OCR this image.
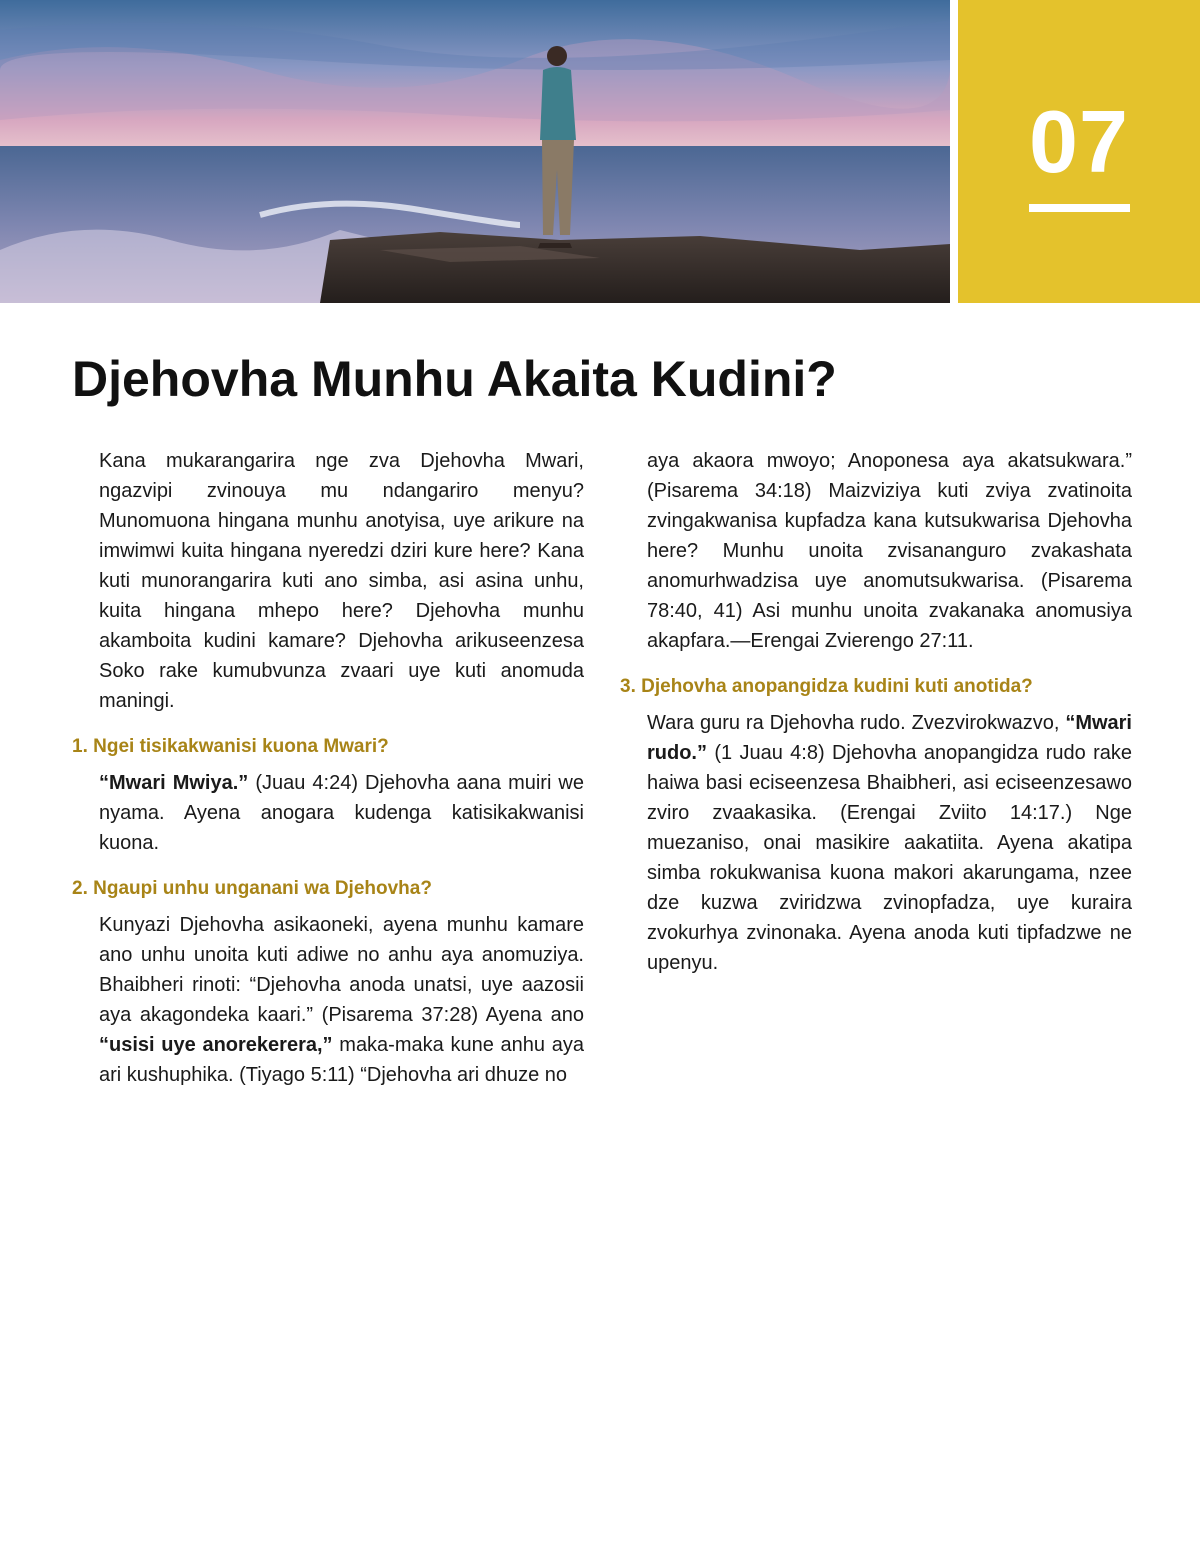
07
Djehovha Munhu Akaita Kudini?

Kana mukarangarira nge zva Djehovha Mwari, ngazvipi zvinouya mu ndangariro menyu? Munomuona hingana munhu anotyisa, uye arikure na imwimwi kuita hingana nyeredzi dziri kure here? Kana kuti munorangarira kuti ano simba, asi asina unhu, kuita hingana mhepo here? Djehovha munhu akamboita kudini kamare? Djehovha arikuseenzesa Soko rake kumubvunza zvaari uye kuti anomuda maningi.

1. Ngei tisikakwanisi kuona Mwari?

“Mwari Mwiya.” (Juau 4:24) Djehovha aana muiri we nyama. Ayena anogara kudenga katisikakwanisi kuona.

2. Ngaupi unhu unganani wa Djehovha?

Kunyazi Djehovha asikaoneki, ayena munhu kamare ano unhu unoita kuti adiwe no anhu aya anomuziya. Bhaibheri rinoti: “Djehovha anoda unatsi, uye aazosii aya akagondeka kaari.” (Pisarema 37:28) Ayena ano “usisi uye anorekerera,” maka-maka kune anhu aya ari kushuphika. (Tiyago 5:11) “Djehovha ari dhuze no

aya akaora mwoyo; Anoponesa aya akatsukwara.” (Pisarema 34:18) Maizviziya kuti zviya zvatinoita zvingakwanisa kupfadza kana kutsukwarisa Djehovha here? Munhu unoita zvisananguro zvakashata anomurhwadzisa uye anomutsukwarisa. (Pisarema 78:40, 41) Asi munhu unoita zvakanaka anomusiya akapfara.—Erengai Zvierengo 27:11.

3. Djehovha anopangidza kudini kuti anotida?

Wara guru ra Djehovha rudo. Zvezvirokwazvo, “Mwari rudo.” (1 Juau 4:8) Djehovha anopangidza rudo rake haiwa basi eciseenzesa Bhaibheri, asi eciseenzesawo zviro zvaakasika. (Erengai Zviito 14:17.) Nge muezaniso, onai masikire aakatiita. Ayena akatipa simba rokukwanisa kuona makori akarungama, nzee dze kuzwa zviridzwa zvinopfadza, uye kuraira zvokurhya zvinonaka. Ayena anoda kuti tipfadzwe ne upenyu.
